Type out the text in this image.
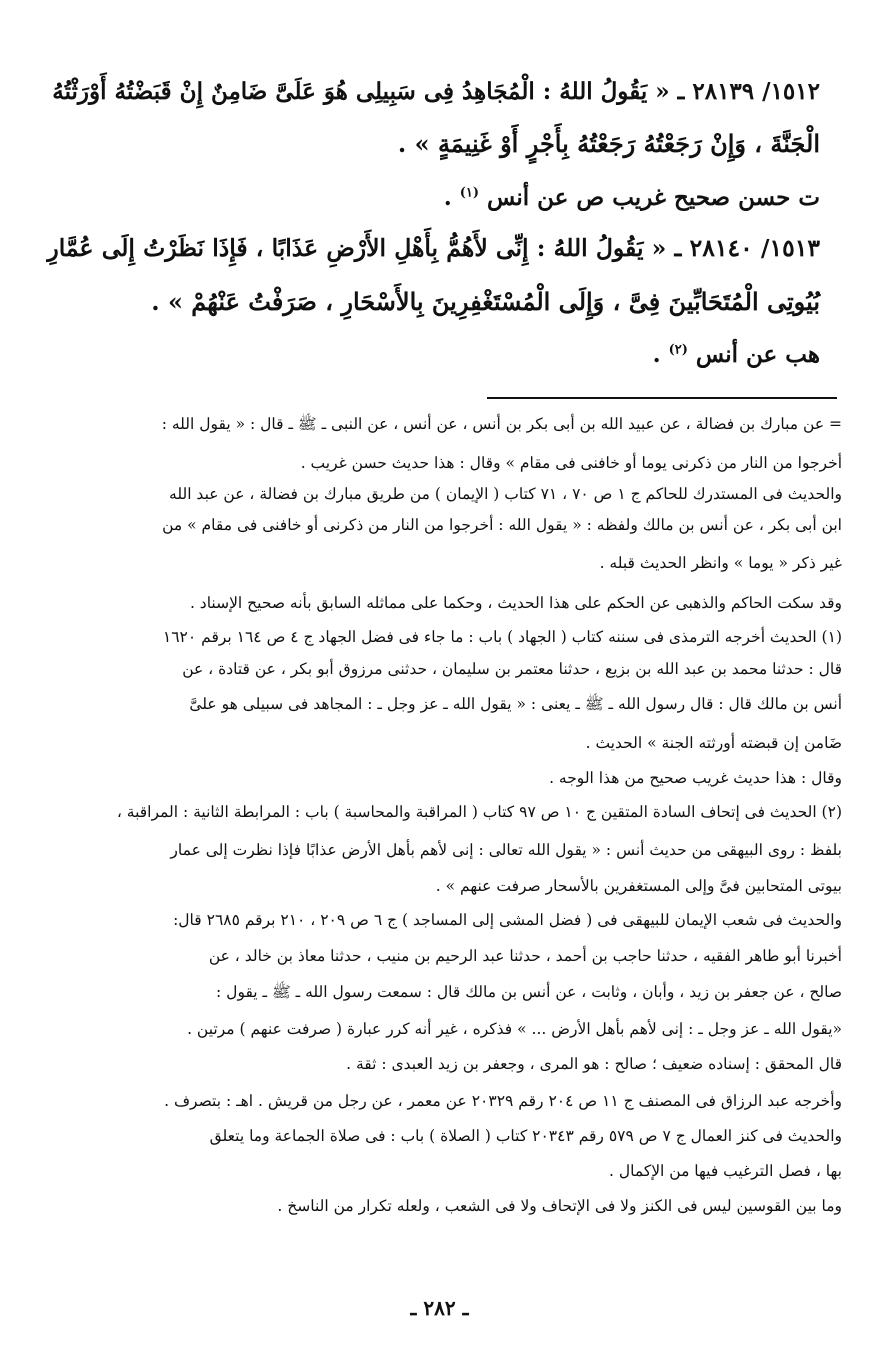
١٥١٢/ ٢٨١٣٩ ـ « يَقُولُ اللهُ : الْمُجَاهِدُ فِى سَبِيلِى هُوَ عَلَىَّ ضَامِنٌ إِنْ قَبَضْتُهُ أَوْرَثْتُهُ
الْجَنَّةَ ، وَإِنْ رَجَعْتُهُ رَجَعْتُهُ بِأَجْرٍ أَوْ غَنِيمَةٍ » .
ت حسن صحيح غريب ص عن أنس $^{(١)}$ .
١٥١٣/ ٢٨١٤٠ ـ « يَقُولُ اللهُ : إِنِّى لأَهُمُّ بِأَهْلِ الأَرْضِ عَذَابًا ، فَإِذَا نَظَرْتُ إِلَى عُمَّارِ
بُيُوتِى الْمُتَحَابِّينَ فِىَّ ، وَإِلَى الْمُسْتَغْفِرِينَ بِالأَسْحَارِ ، صَرَفْتُ عَنْهُمْ » .
هب عن أنس $^{(٢)}$ .
= عن مبارك بن فضالة ، عن عبيد الله بن أبى بكر بن أنس ، عن أنس ، عن النبى ـ ﷺ ـ قال : « يقول الله :
أخرجوا من النار من ذكرنى يوما أو خافنى فى مقام » وقال : هذا حديث حسن غريب .
والحديث فى المستدرك للحاكم ج ١ ص ٧٠ ، ٧١ كتاب ( الإيمان ) من طريق مبارك بن فضالة ، عن عبد الله
ابن أبى بكر ، عن أنس بن مالك ولفظه : « يقول الله : أخرجوا من النار من ذكرنى أو خافنى فى مقام » من
غير ذكر « يوما » وانظر الحديث قبله .
وقد سكت الحاكم والذهبى عن الحكم على هذا الحديث ، وحكما على مماثله السابق بأنه صحيح الإسناد .
(١) الحديث أخرجه الترمذى فى سننه كتاب ( الجهاد ) باب : ما جاء فى فضل الجهاد ج ٤ ص ١٦٤ برقم ١٦٢٠
قال : حدثنا محمد بن عبد الله بن بزيع ، حدثنا معتمر بن سليمان ، حدثنى مرزوق أبو بكر ، عن قتادة ، عن
أنس بن مالك قال : قال رسول الله ـ ﷺ ـ يعنى : « يقول الله ـ عز وجل ـ : المجاهد فى سبيلى هو علىَّ
ضَامن إن قبضته أورثته الجنة » الحديث .
وقال : هذا حديث غريب صحيح من هذا الوجه .
(٢) الحديث فى إتحاف السادة المتقين ج ١٠ ص ٩٧ كتاب ( المراقبة والمحاسبة ) باب : المرابطة الثانية : المراقبة ،
بلفظ : روى البيهقى من حديث أنس : « يقول الله تعالى : إنى لأهم بأهل الأرض عذابًا فإذا نظرت إلى عمار
بيوتى المتحابين فىَّ وإلى المستغفرين بالأسحار صرفت عنهم » .
والحديث فى شعب الإيمان للبيهقى فى ( فضل المشى إلى المساجد ) ج ٦ ص ٢٠٩ ، ٢١٠ برقم ٢٦٨٥ قال:
أخبرنا أبو طاهر الفقيه ، حدثنا حاجب بن أحمد ، حدثنا عبد الرحيم بن منيب ، حدثنا معاذ بن خالد ، عن
صالح ، عن جعفر بن زيد ، وأبان ، وثابت ، عن أنس بن مالك قال : سمعت رسول الله ـ ﷺ ـ يقول :
«يقول الله ـ عز وجل ـ : إنى لأهم بأهل الأرض ... » فذكره ، غير أنه كرر عبارة ( صرفت عنهم ) مرتين .
قال المحقق : إسناده ضعيف ؛ صالح : هو المرى ، وجعفر بن زيد العبدى : ثقة .
وأخرجه عبد الرزاق فى المصنف ج ١١ ص ٢٠٤ رقم ٢٠٣٢٩ عن معمر ، عن رجل من قريش . اهـ : بتصرف .
والحديث فى كنز العمال ج ٧ ص ٥٧٩ رقم ٢٠٣٤٣ كتاب ( الصلاة ) باب : فى صلاة الجماعة وما يتعلق
بها ، فصل الترغيب فيها من الإكمال .
وما بين القوسين ليس فى الكنز ولا فى الإتحاف ولا فى الشعب ، ولعله تكرار من الناسخ .
ـ ٢٨٢ ـ
